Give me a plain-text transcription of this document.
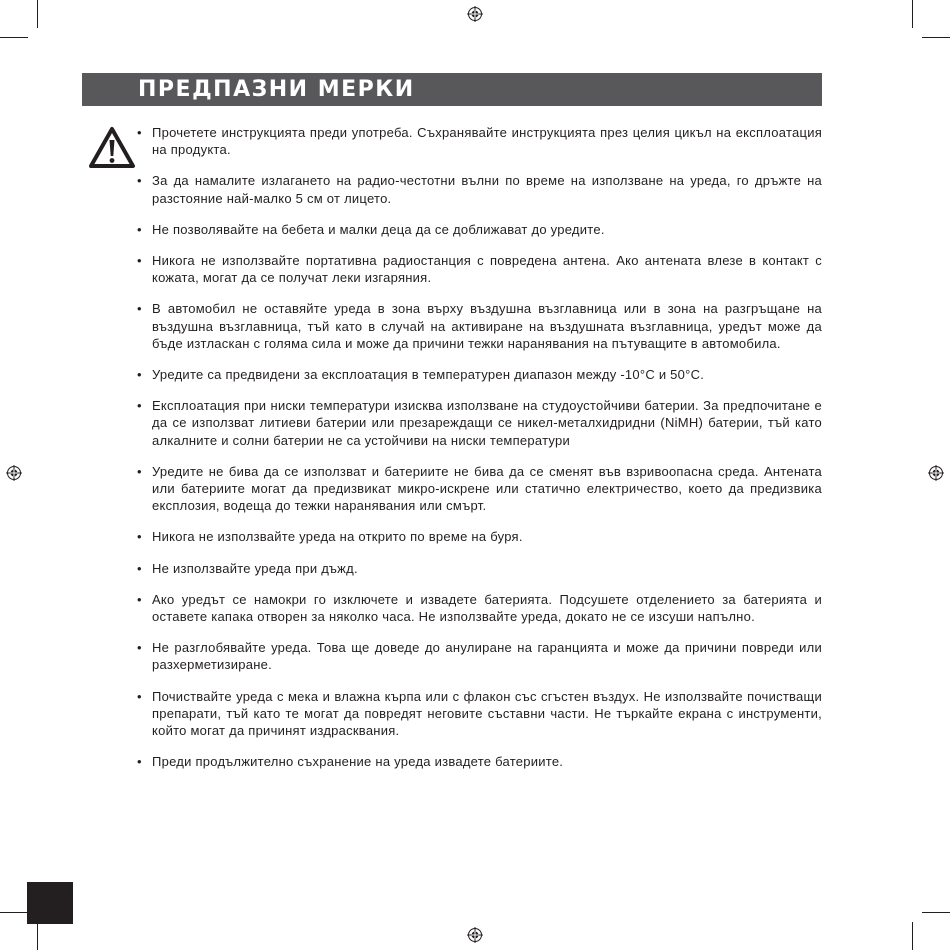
ПРЕДПАЗНИ МЕРКИ
• Прочетете инструкцията преди употреба. Съхранявайте инструкцията през целия цикъл на експлоатация на продукта.
• За да намалите излагането на радио-честотни вълни по време на използване на уреда, го дръжте на разстояние най-малко 5 см от лицето.
• Не позволявайте на бебета и малки деца да се доближават до уредите.
• Никога не използвайте портативна радиостанция с повредена антена. Ако антената влезе в контакт с кожата, могат да се получат леки изгаряния.
• В автомобил не оставяйте уреда в зона върху въздушна възглавница или в зона на разгръщане на въздушна възглавница, тъй като в случай на активиране на въздушната възглавница, уредът може да бъде изтласкан с голяма сила и може да причини тежки наранявания на пътуващите в автомобила.
• Уредите са предвидени за експлоатация в температурен диапазон между -10°С и 50°С.
• Експлоатация при ниски температури изисква използване на студоустойчиви батерии. За предпочитане е да се използват литиеви батерии или презареждащи се никел-металхидридни (NiMH) батерии, тъй като алкалните и солни батерии не са устойчиви на ниски температури
• Уредите не бива да се използват и батериите не бива да се сменят във взривоопасна среда. Антената или батериите могат да предизвикат микро-искрене или статично електричество, което да предизвика експлозия, водеща до тежки наранявания или смърт.
• Никога не използвайте уреда на открито по време на буря.
• Не използвайте уреда при дъжд.
• Ако уредът се намокри го изключете и извадете батерията. Подсушете отделението за батерията и оставете капака отворен за няколко часа. Не използвайте уреда, докато не се изсуши напълно.
• Не разглобявайте уреда. Това ще доведе до анулиране на гаранцията и може да причини повреди или разхерметизиране.
• Почиствайте уреда с мека и влажна кърпа или с флакон със сгъстен въздух. Не използвайте почистващи препарати, тъй като те могат да повредят неговите съставни части. Не търкайте екрана с инструменти, който могат да причинят издрасквания.
• Преди продължително съхранение на уреда извадете батериите.
